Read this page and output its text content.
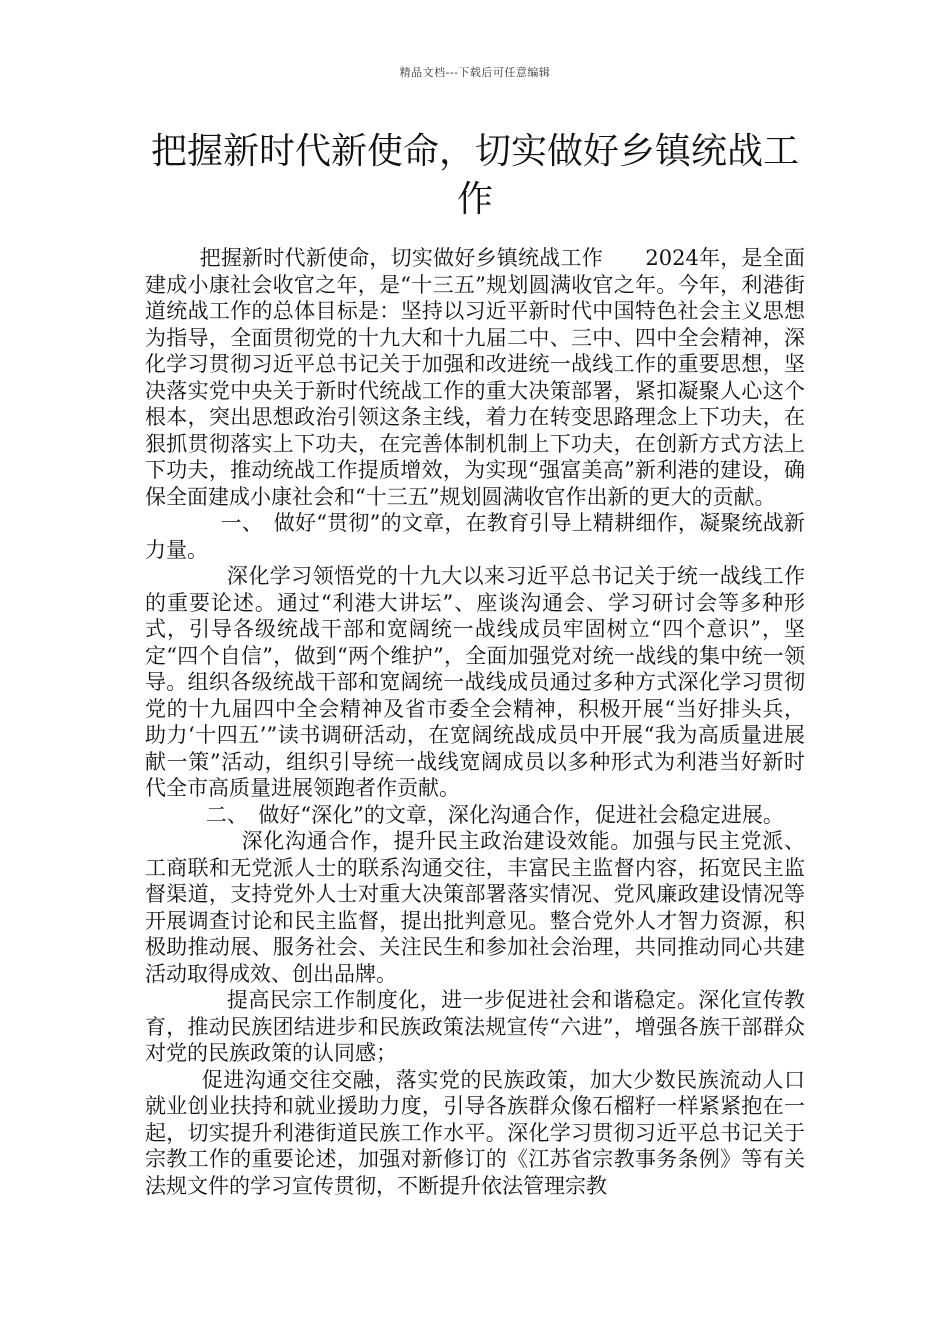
精品文档---下载后可任意编辑
把握新时代新使命，切实做好乡镇统战工作

把握新时代新使命，切实做好乡镇统战工作　　2024年，是全面建成小康社会收官之年，是“十三五”规划圆满收官之年。今年，利港街道统战工作的总体目标是：坚持以习近平新时代中国特色社会主义思想为指导，全面贯彻党的十九大和十九届二中、三中、四中全会精神，深化学习贯彻习近平总书记关于加强和改进统一战线工作的重要思想，坚决落实党中央关于新时代统战工作的重大决策部署，紧扣凝聚人心这个根本，突出思想政治引领这条主线，着力在转变思路理念上下功夫，在狠抓贯彻落实上下功夫，在完善体制机制上下功夫，在创新方式方法上下功夫，推动统战工作提质增效，为实现“强富美高”新利港的建设，确保全面建成小康社会和“十三五”规划圆满收官作出新的更大的贡献。

一、　做好“贯彻”的文章，在教育引导上精耕细作，凝聚统战新力量。

深化学习领悟党的十九大以来习近平总书记关于统一战线工作的重要论述。通过“利港大讲坛”、座谈沟通会、学习研讨会等多种形式，引导各级统战干部和宽阔统一战线成员牢固树立“四个意识”，坚定“四个自信”，做到“两个维护”，全面加强党对统一战线的集中统一领导。组织各级统战干部和宽阔统一战线成员通过多种方式深化学习贯彻党的十九届四中全会精神及省市委全会精神，积极开展“当好排头兵，助力‘十四五’”读书调研活动，在宽阔统战成员中开展“我为高质量进展献一策”活动，组织引导统一战线宽阔成员以多种形式为利港当好新时代全市高质量进展领跑者作贡献。

二、　做好“深化”的文章，深化沟通合作，促进社会稳定进展。

深化沟通合作，提升民主政治建设效能。加强与民主党派、工商联和无党派人士的联系沟通交往，丰富民主监督内容，拓宽民主监督渠道，支持党外人士对重大决策部署落实情况、党风廉政建设情况等开展调查讨论和民主监督，提出批判意见。整合党外人才智力资源，积极助推动展、服务社会、关注民生和参加社会治理，共同推动同心共建活动取得成效、创出品牌。

提高民宗工作制度化，进一步促进社会和谐稳定。深化宣传教育，推动民族团结进步和民族政策法规宣传“六进”，增强各族干部群众对党的民族政策的认同感；

促进沟通交往交融，落实党的民族政策，加大少数民族流动人口就业创业扶持和就业援助力度，引导各族群众像石榴籽一样紧紧抱在一起，切实提升利港街道民族工作水平。深化学习贯彻习近平总书记关于宗教工作的重要论述，加强对新修订的《江苏省宗教事务条例》等有关法规文件的学习宣传贯彻，不断提升依法管理宗教
